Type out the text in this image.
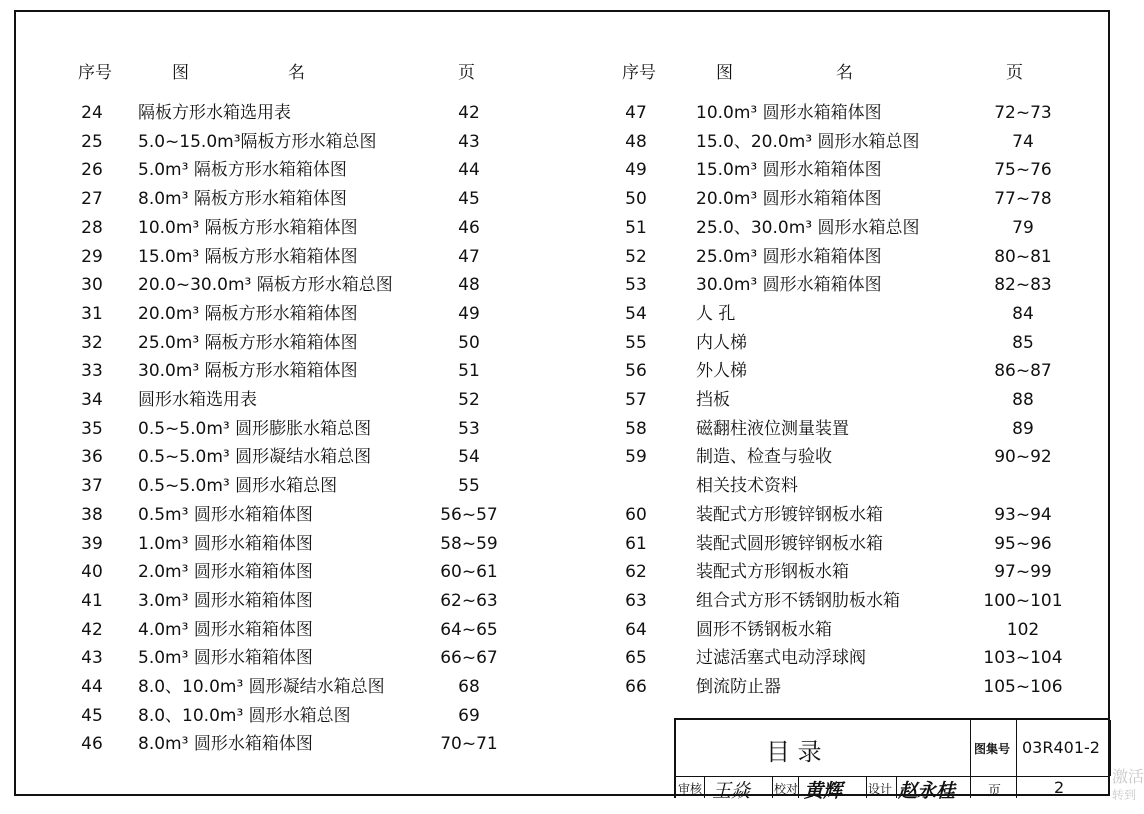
序号	图	名	页	序号	图	名	页
24	隔板方形水箱选用表	42
25	5.0~15.0m³隔板方形水箱总图	43
26	5.0m³ 隔板方形水箱箱体图	44
27	8.0m³ 隔板方形水箱箱体图	45
28	10.0m³ 隔板方形水箱箱体图	46
29	15.0m³ 隔板方形水箱箱体图	47
30	20.0~30.0m³ 隔板方形水箱总图	48
31	20.0m³ 隔板方形水箱箱体图	49
32	25.0m³ 隔板方形水箱箱体图	50
33	30.0m³ 隔板方形水箱箱体图	51
34	圆形水箱选用表	52
35	0.5~5.0m³ 圆形膨胀水箱总图	53
36	0.5~5.0m³ 圆形凝结水箱总图	54
37	0.5~5.0m³ 圆形水箱总图	55
38	0.5m³ 圆形水箱箱体图	56~57
39	1.0m³ 圆形水箱箱体图	58~59
40	2.0m³ 圆形水箱箱体图	60~61
41	3.0m³ 圆形水箱箱体图	62~63
42	4.0m³ 圆形水箱箱体图	64~65
43	5.0m³ 圆形水箱箱体图	66~67
44	8.0、10.0m³ 圆形凝结水箱总图	68
45	8.0、10.0m³ 圆形水箱总图	69
46	8.0m³ 圆形水箱箱体图	70~71
47	10.0m³ 圆形水箱箱体图	72~73
48	15.0、20.0m³ 圆形水箱总图	74
49	15.0m³ 圆形水箱箱体图	75~76
50	20.0m³ 圆形水箱箱体图	77~78
51	25.0、30.0m³ 圆形水箱总图	79
52	25.0m³ 圆形水箱箱体图	80~81
53	30.0m³ 圆形水箱箱体图	82~83
54	人 孔	84
55	内人梯	85
56	外人梯	86~87
57	挡板	88
58	磁翻柱液位测量装置	89
59	制造、检查与验收	90~92
相关技术资料
60	装配式方形镀锌钢板水箱	93~94
61	装配式圆形镀锌钢板水箱	95~96
62	装配式方形钢板水箱	97~99
63	组合式方形不锈钢肋板水箱	100~101
64	圆形不锈钢板水箱	102
65	过滤活塞式电动浮球阀	103~104
66	倒流防止器	105~106
目 录	图集号 03R401-2
审核 王焱 校对 黄辉 设计 赵永桂	页	2
激活
转到
